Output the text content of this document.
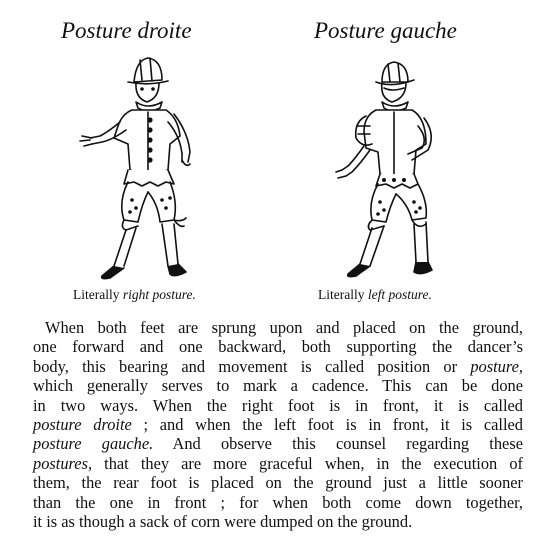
Posture droite	Posture gauche
Literally right posture.	Literally left posture.
When both feet are sprung upon and placed on the ground,
one forward and one backward, both supporting the dancer’s
body, this bearing and movement is called position or posture,
which generally serves to mark a cadence. This can be done
in two ways. When the right foot is in front, it is called
posture droite ; and when the left foot is in front, it is called
posture gauche. And observe this counsel regarding these
postures, that they are more graceful when, in the execution of
them, the rear foot is placed on the ground just a little sooner
than the one in front ; for when both come down together,
it is as though a sack of corn were dumped on the ground.
